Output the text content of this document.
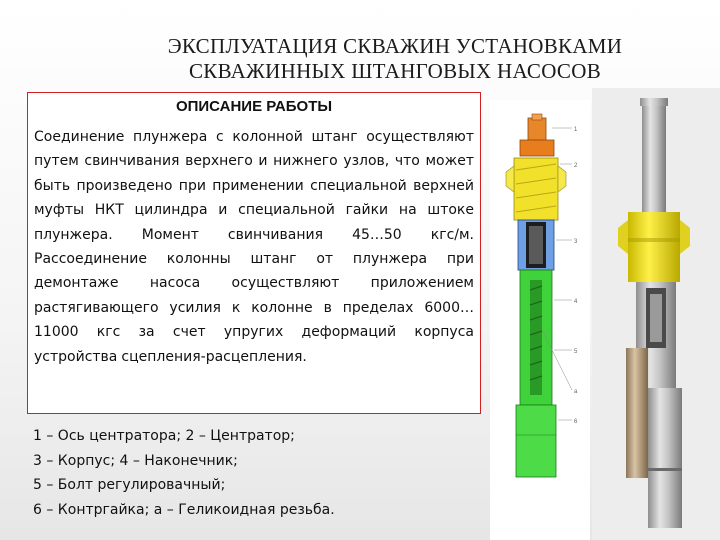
ЭКСПЛУАТАЦИЯ СКВАЖИН УСТАНОВКАМИ
СКВАЖИННЫХ ШТАНГОВЫХ НАСОСОВ
ОПИСАНИЕ РАБОТЫ
Соединение плунжера с колонной штанг осуществляют путем свинчивания верхнего и нижнего узлов, что может быть произведено при применении специальной верхней муфты НКТ цилиндра и специальной гайки на штоке плунжера. Момент свинчивания 45…50 кгс/м. Рассоединение колонны штанг от плунжера при демонтаже насоса осуществляют приложением растягивающего усилия к колонне в пределах 6000…11000 кгс за счет упругих деформаций корпуса устройства сцепления-расцепления.
1 – Ось центратора; 2 – Центратор;
3 – Корпус; 4 – Наконечник;
5 – Болт регулировачный;
6 – Контргайка; а – Геликоидная резьба.
1
2
3
4
5
а
6
